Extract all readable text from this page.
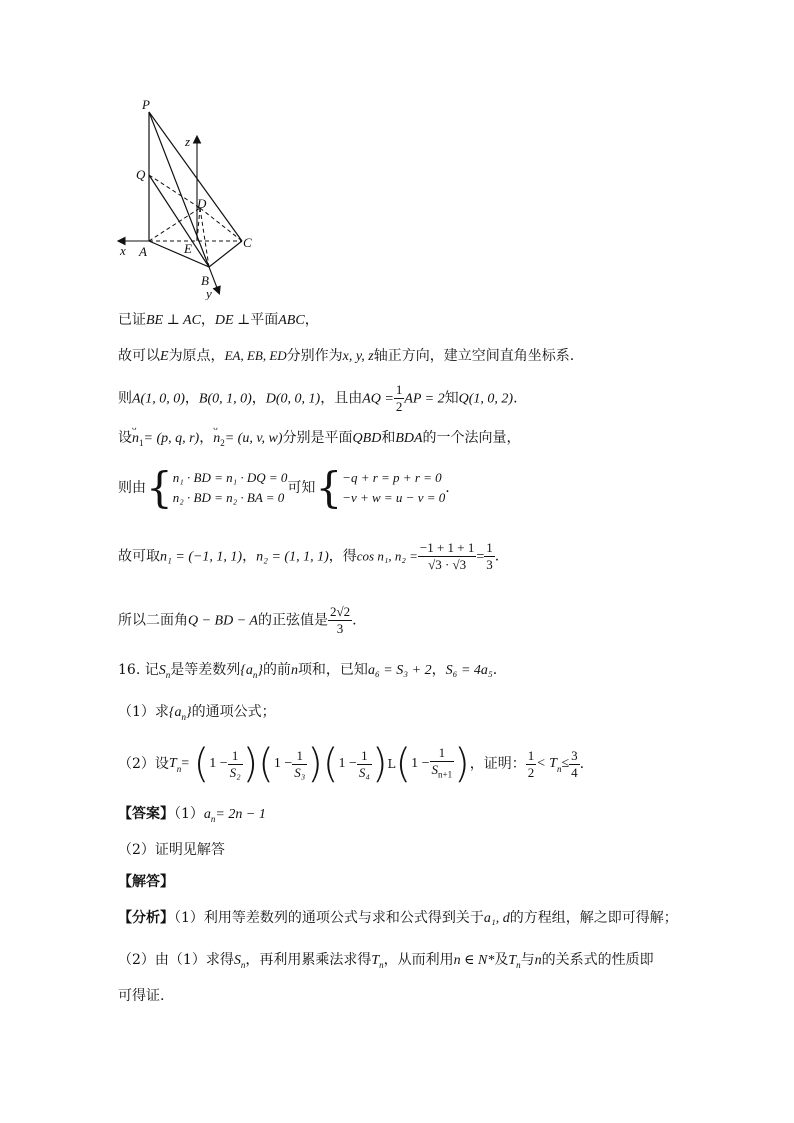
P
Q
D
z
x A	E	C
B
y
已证BE ⊥ AC，DE ⊥平面ABC，
故可以E为原点，EA, EB, ED分别作为x, y, z轴正方向，建立空间直角坐标系.
则A(1, 0, 0)，B(0, 1, 0)，D(0, 0, 1)，且由AQ = $\frac{1}{2}$ AP = 2知Q(1, 0, 2).
设ᴗ $n_1= (p$, q, r)，ᴗ $n_2= (u$, v, w)分别是平面QBD和BDA的一个法向量，
则由{ n₁ · BD = n₁ · DQ = 0
n₂ · BD = n₂ · BA = 0
可知{ −q + r = p + r = 0
−v + w = u − v = 0
.
故可取n₁ = (−1, 1, 1)，n₂ = (1, 1, 1)，得cos n₁, $n_2 = \frac{-1 + 1 + 1}{√3 \cdot √3} = \frac{1}{3}$ .
所以二面角Q − BD − A的正弦值是 $\frac{2√2}{3}$ .
16. 记$S_n$是等差数列$\{a_n\}$的前n项和，已知a₆ = S₃ + 2，S₆ = 4a₅.
（1）求$\{a_n\}$的通项公式；
（2）设$T_n= (1 - \frac{1}{\text{S₂}} )(1 - \frac{1}{\text{S₃}} )(1 - \frac{1}{\text{S₄}} )L(1 - \frac{1}{S_{n+1}}$ )，证明： $\frac{1}{2} < T_n\le \frac{3}{4}$ .
【答案】$(1)a_n= 2n - 1$
（2）证明见解答
【解答】
【分析】（1）利用等差数列的通项公式与求和公式得到关于a₁, d的方程组，解之即可得解；
（2）由（1）求得$S_n$，再利用累乘法求得$T_n$，从而利用n ∈ N*及$T_n$与n的关系式的性质即
可得证.
